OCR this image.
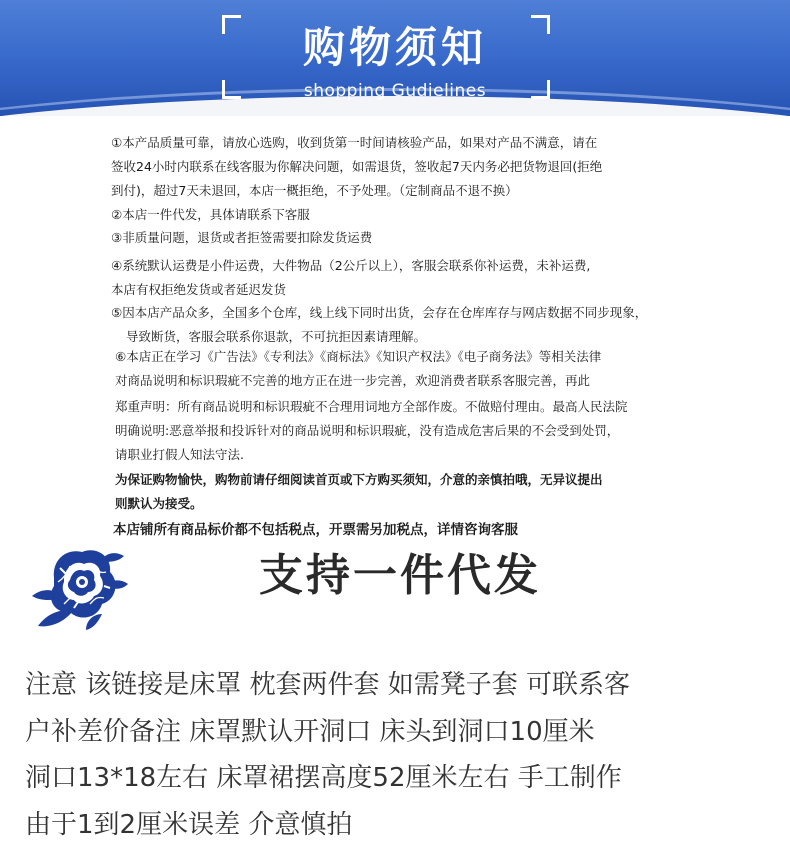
购物须知
shopping Gudielines
①本产品质量可靠，请放心选购，收到货第一时间请核验产品，如果对产品不满意，请在
签收24小时内联系在线客服为你解决问题，如需退货，签收起7天内务必把货物退回(拒绝
到付)，超过7天未退回，本店一概拒绝，不予处理。（定制商品不退不换）
②本店一件代发，具体请联系下客服
③非质量问题，退货或者拒签需要扣除发货运费
④系统默认运费是小件运费，大件物品（2公斤以上），客服会联系你补运费，未补运费,
本店有权拒绝发货或者延迟发货
⑤因本店产品众多，全国多个仓库，线上线下同时出货，会存在仓库库存与网店数据不同步现象，
导致断货，客服会联系你退款，不可抗拒因素请理解。
⑥本店正在学习《广告法》《专利法》《商标法》《知识产权法》《电子商务法》等相关法律
对商品说明和标识瑕疵不完善的地方正在进一步完善，欢迎消费者联系客服完善，再此
郑重声明：所有商品说明和标识瑕疵不合理用词地方全部作废。不做赔付理由。最高人民法院
明确说明:恶意举报和投诉针对的商品说明和标识瑕疵，没有造成危害后果的不会受到处罚，
请职业打假人知法守法.
为保证购物愉快，购物前请仔细阅读首页或下方购买须知，介意的亲慎拍哦，无异议提出
则默认为接受。
本店铺所有商品标价都不包括税点，开票需另加税点，详情咨询客服
支持一件代发
注意 该链接是床罩 枕套两件套 如需凳子套 可联系客
户补差价备注 床罩默认开洞口 床头到洞口10厘米
洞口13*18左右 床罩裙摆高度52厘米左右 手工制作
由于1到2厘米误差 介意慎拍
